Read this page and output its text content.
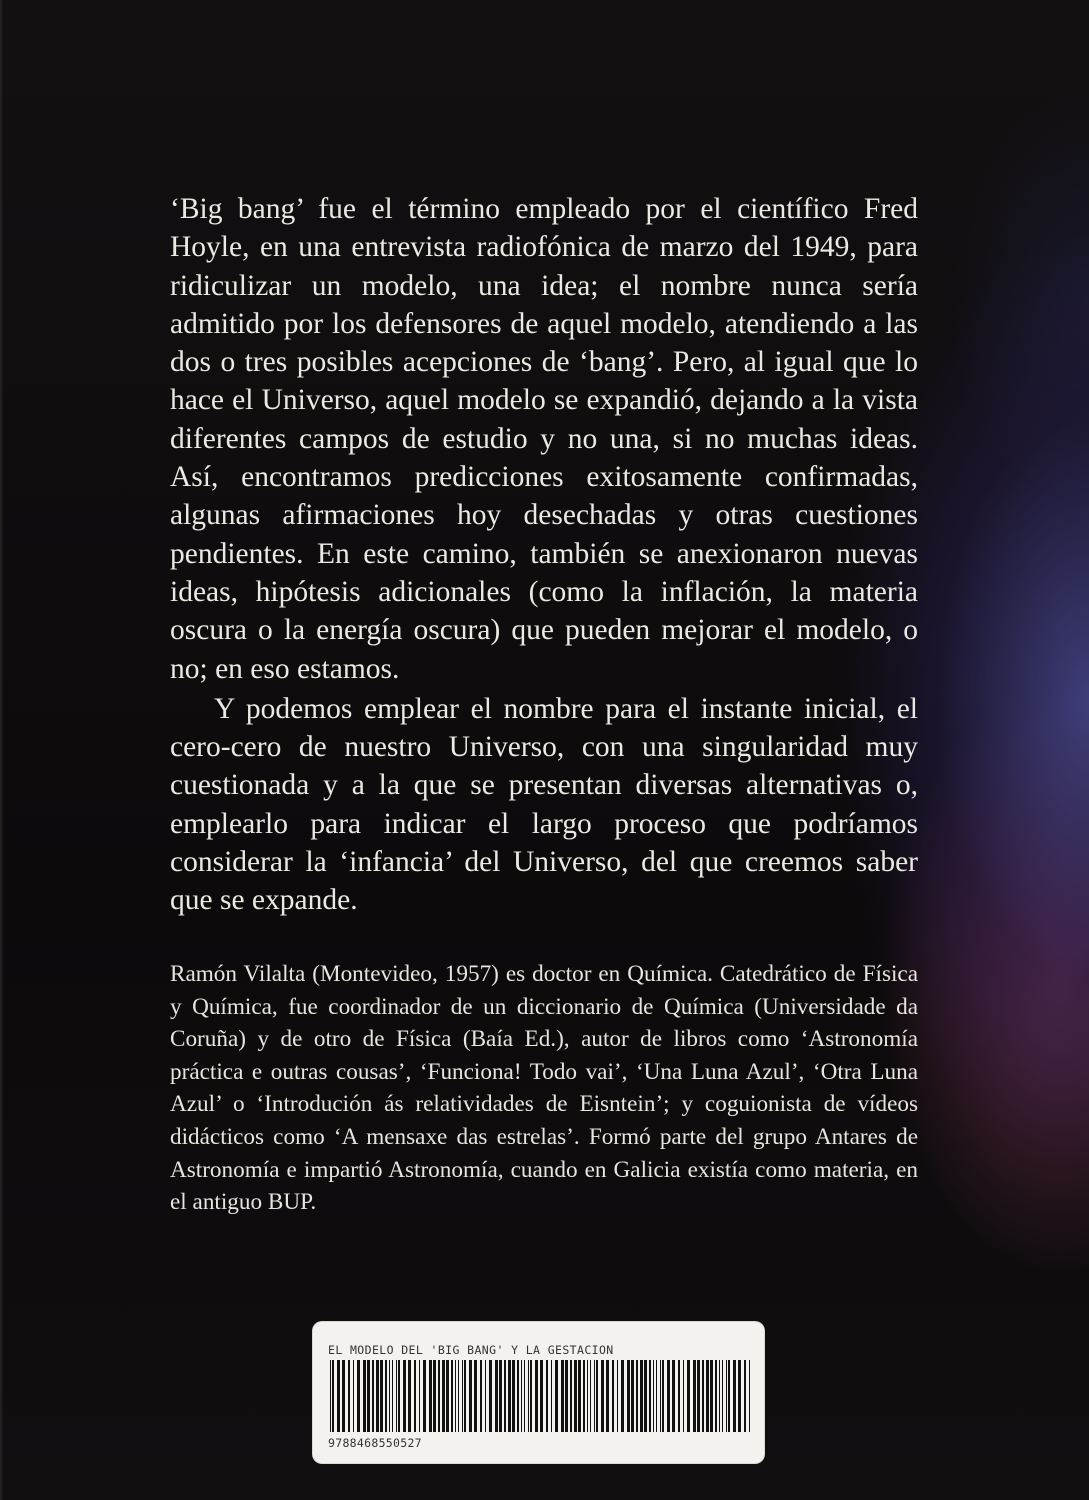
‘Big bang’ fue el término empleado por el científico Fred Hoyle, en una entrevista radiofónica de marzo del 1949, para ridiculizar un modelo, una idea; el nombre nunca sería admitido por los defensores de aquel modelo, atendiendo a las dos o tres posibles acepciones de ‘bang’. Pero, al igual que lo hace el Universo, aquel modelo se expandió, dejando a la vista diferentes campos de estudio y no una, si no muchas ideas. Así, encontramos predicciones exitosamente confirmadas, algunas afirmaciones hoy desechadas y otras cuestiones pendientes. En este camino, también se anexionaron nuevas ideas, hipótesis adicionales (como la inflación, la materia oscura o la energía oscura) que pueden mejorar el modelo, o no; en eso estamos.

Y podemos emplear el nombre para el instante inicial, el cero-cero de nuestro Universo, con una singularidad muy cuestionada y a la que se presentan diversas alternativas o, emplearlo para indicar el largo proceso que podríamos considerar la ‘infancia’ del Universo, del que creemos saber que se expande.

Ramón Vilalta (Montevideo, 1957) es doctor en Química. Catedrático de Física y Química, fue coordinador de un diccionario de Química (Universidade da Coruña) y de otro de Física (Baía Ed.), autor de libros como ‘Astronomía práctica e outras cousas’, ‘Funciona! Todo vai’, ‘Una Luna Azul’, ‘Otra Luna Azul’ o ‘Introdución ás relatividades de Eisntein’; y coguionista de vídeos didácticos como ‘A mensaxe das estrelas’. Formó parte del grupo Antares de Astronomía e impartió Astronomía, cuando en Galicia existía como materia, en el antiguo BUP.

EL MODELO DEL 'BIG BANG' Y LA GESTACION
9788468550527
